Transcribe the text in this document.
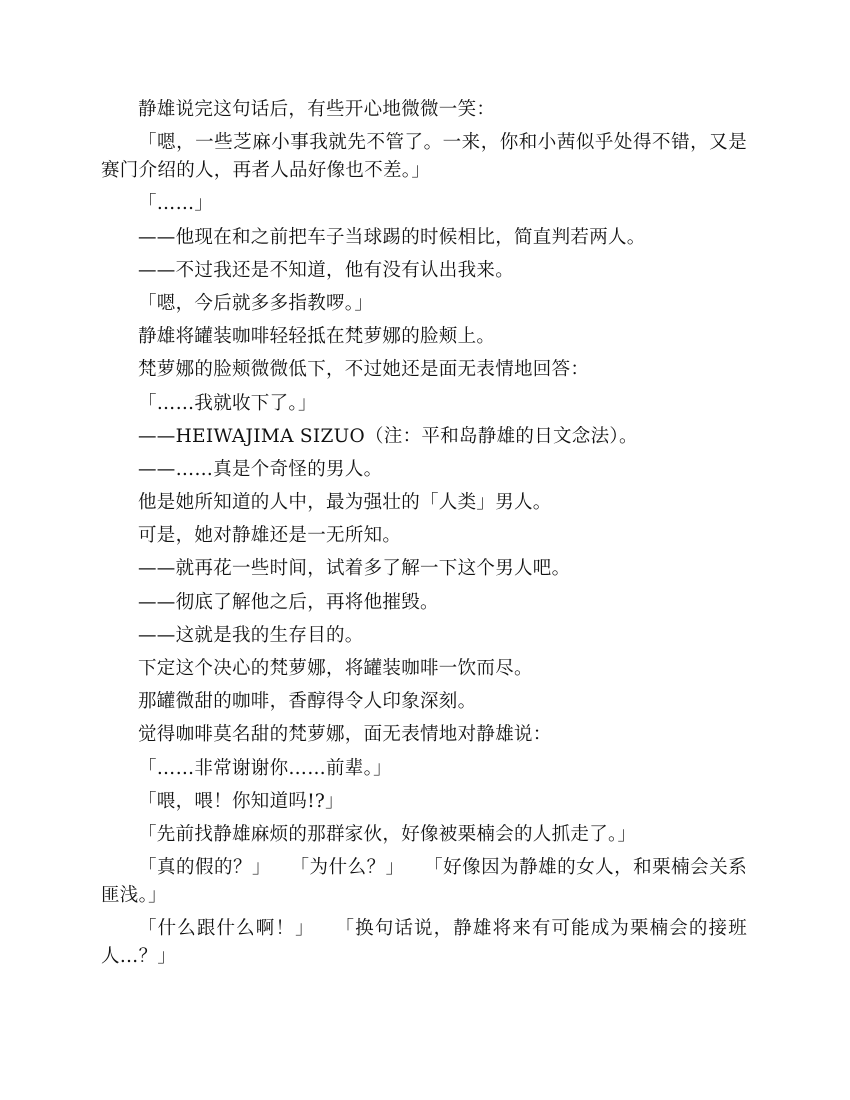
静雄说完这句话后，有些开心地微微一笑：

「嗯，一些芝麻小事我就先不管了。一来，你和小茜似乎处得不错，又是赛门介绍的人，再者人品好像也不差。」

「……」

——他现在和之前把车子当球踢的时候相比，简直判若两人。

——不过我还是不知道，他有没有认出我来。

「嗯，今后就多多指教啰。」

静雄将罐装咖啡轻轻抵在梵萝娜的脸颊上。

梵萝娜的脸颊微微低下，不过她还是面无表情地回答：

「……我就收下了。」

——HEIWAJIMA SIZUO（注：平和岛静雄的日文念法）。

——……真是个奇怪的男人。

他是她所知道的人中，最为强壮的「人类」男人。

可是，她对静雄还是一无所知。

——就再花一些时间，试着多了解一下这个男人吧。

——彻底了解他之后，再将他摧毁。

——这就是我的生存目的。

下定这个决心的梵萝娜，将罐装咖啡一饮而尽。

那罐微甜的咖啡，香醇得令人印象深刻。

觉得咖啡莫名甜的梵萝娜，面无表情地对静雄说：

「……非常谢谢你……前辈。」

「喂，喂！你知道吗!?」

「先前找静雄麻烦的那群家伙，好像被栗楠会的人抓走了。」

「真的假的？」　　「为什么？」　　「好像因为静雄的女人，和栗楠会关系匪浅。」

「什么跟什么啊！」　　「换句话说，静雄将来有可能成为栗楠会的接班人…？」
